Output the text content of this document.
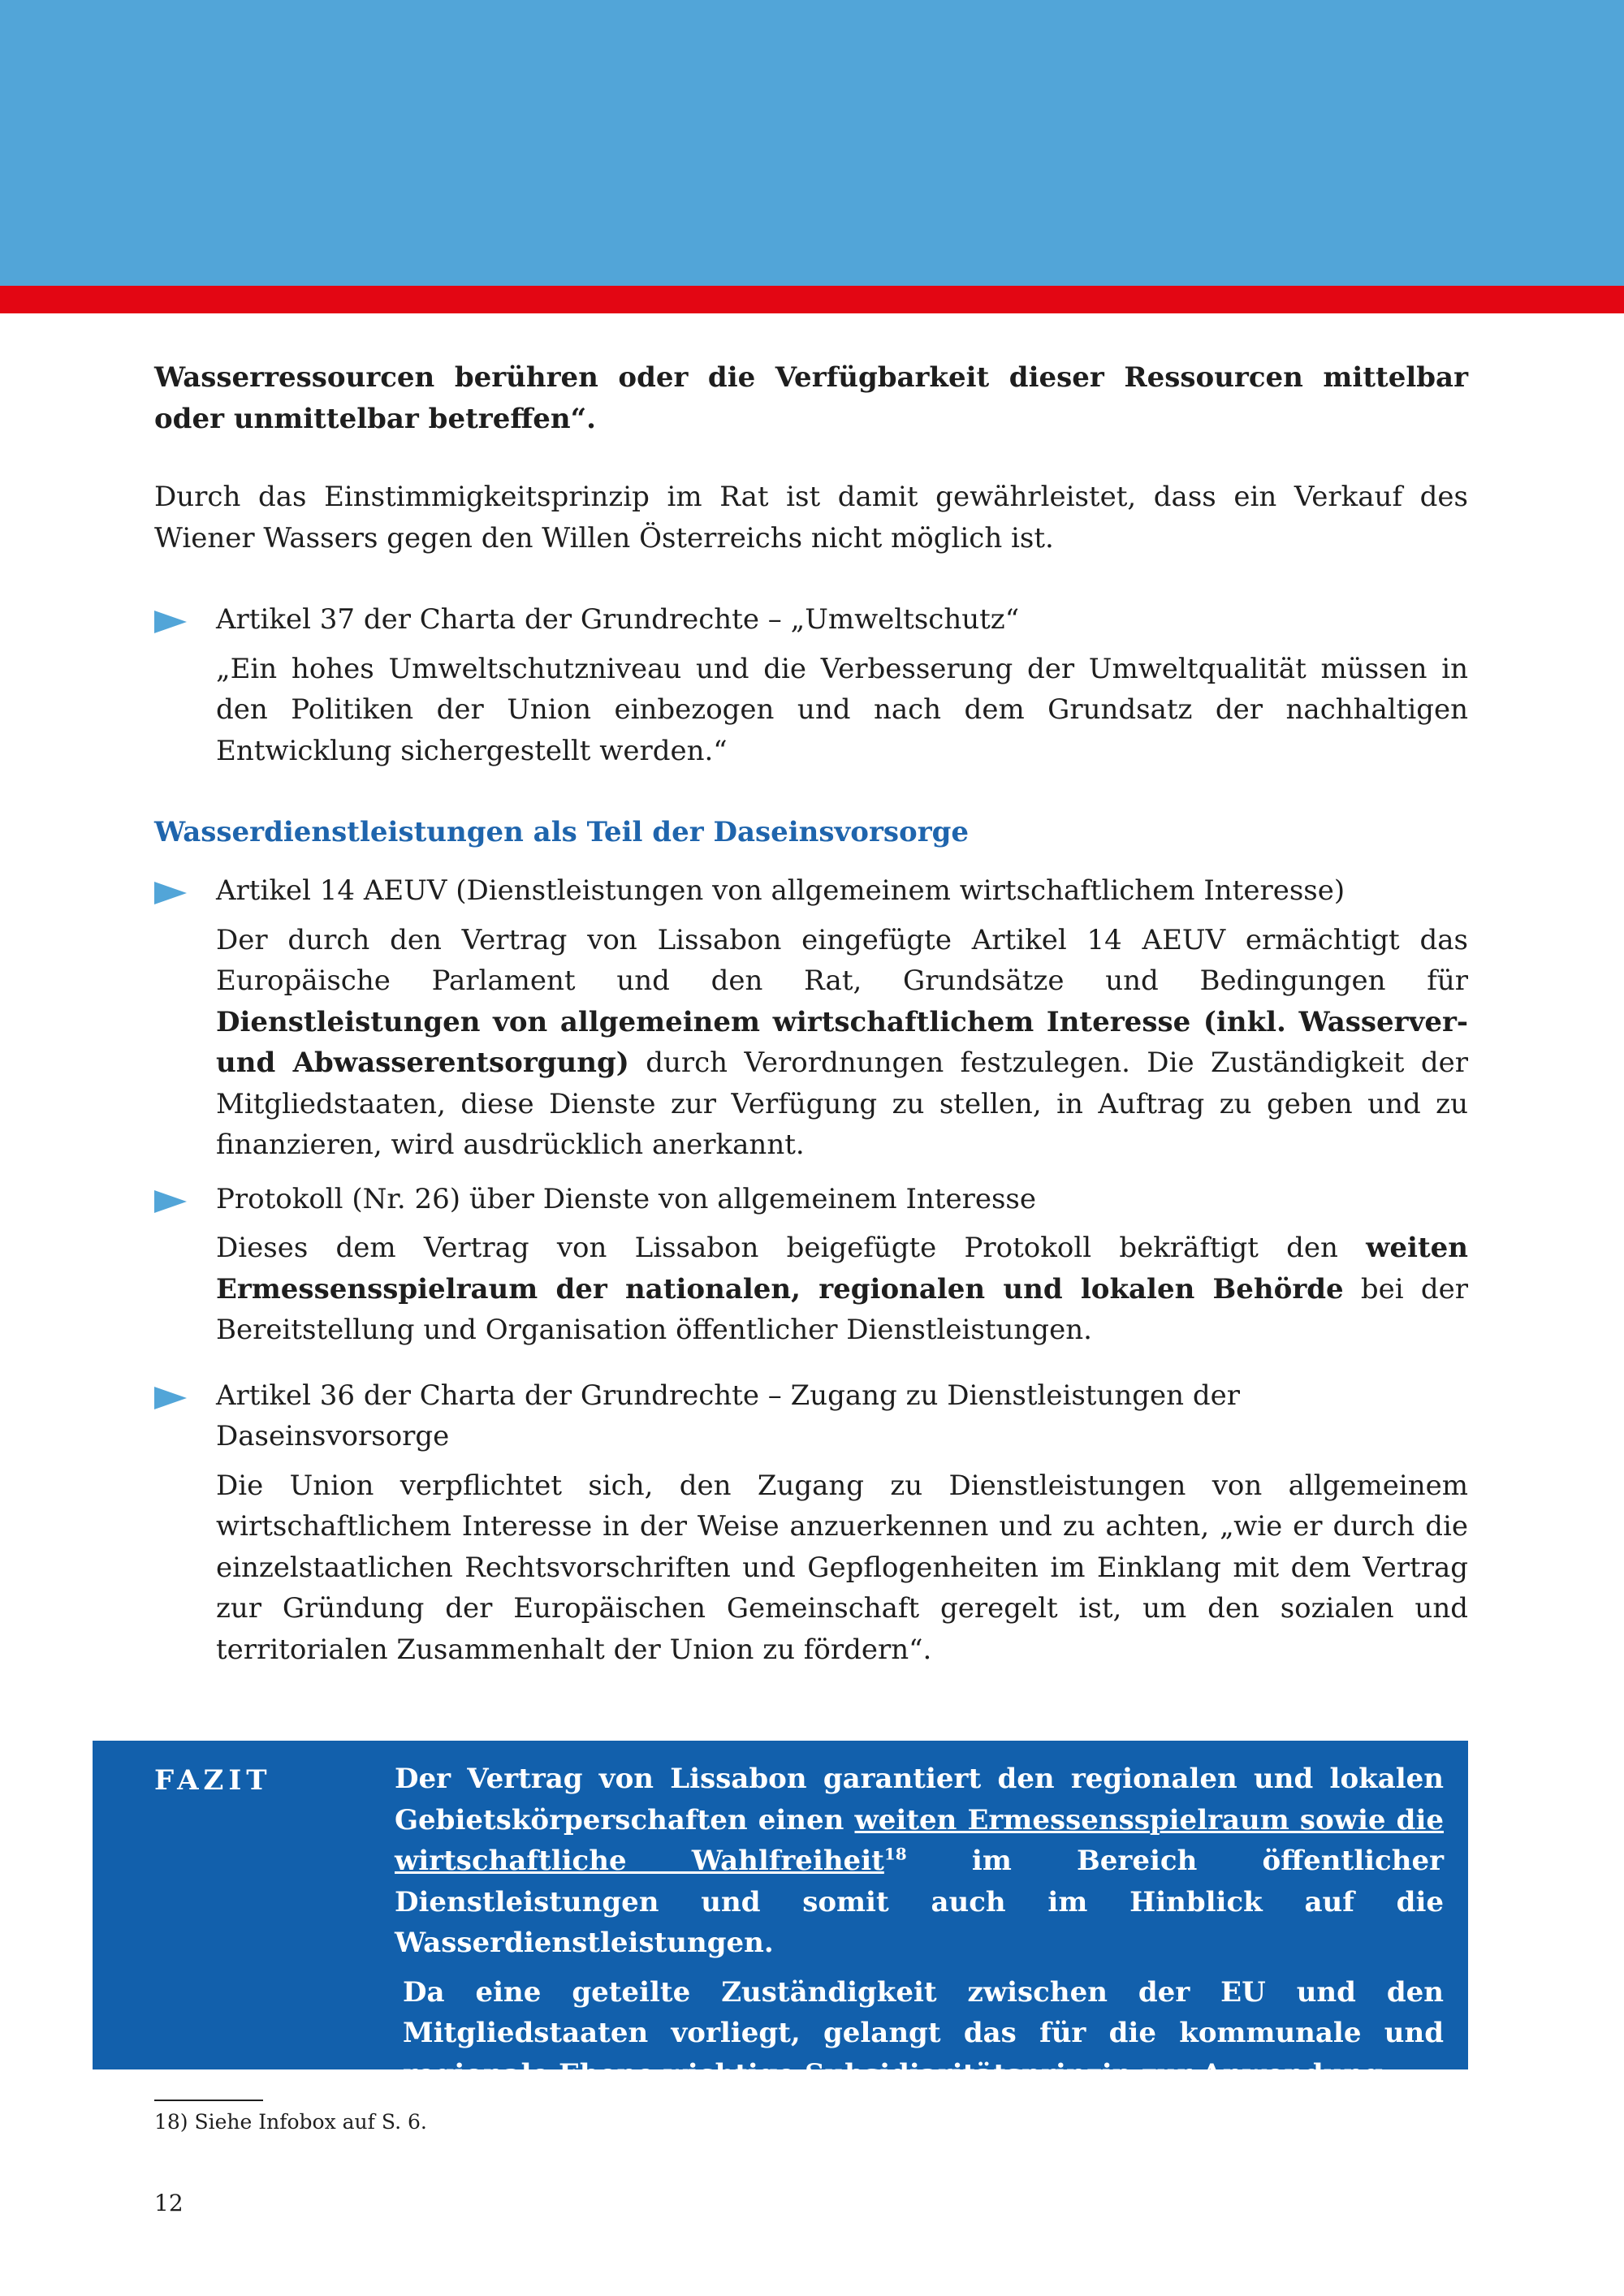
Wasserressourcen berühren oder die Verfügbarkeit dieser Ressourcen mittelbar oder unmittelbar betreffen“.

Durch das Einstimmigkeitsprinzip im Rat ist damit gewährleistet, dass ein Verkauf des Wiener Wassers gegen den Willen Österreichs nicht möglich ist.

Artikel 37 der Charta der Grundrechte – „Umweltschutz“

„Ein hohes Umweltschutzniveau und die Verbesserung der Umweltqualität müssen in den Politiken der Union einbezogen und nach dem Grundsatz der nachhaltigen Entwicklung sichergestellt werden.“

Wasserdienstleistungen als Teil der Daseinsvorsorge

Artikel 14 AEUV (Dienstleistungen von allgemeinem wirtschaftlichem Interesse)

Der durch den Vertrag von Lissabon eingefügte Artikel 14 AEUV ermächtigt das Europäische Parlament und den Rat, Grundsätze und Bedingungen für Dienstleistungen von allgemeinem wirtschaftlichem Interesse (inkl. Wasserver- und Abwasserentsorgung) durch Verordnungen festzulegen. Die Zuständigkeit der Mitgliedstaaten, diese Dienste zur Verfügung zu stellen, in Auftrag zu geben und zu finanzieren, wird ausdrücklich anerkannt.

Protokoll (Nr. 26) über Dienste von allgemeinem Interesse

Dieses dem Vertrag von Lissabon beigefügte Protokoll bekräftigt den weiten Ermessensspielraum der nationalen, regionalen und lokalen Behörde bei der Bereitstellung und Organisation öffentlicher Dienstleistungen.

Artikel 36 der Charta der Grundrechte – Zugang zu Dienstleistungen der Daseinsvorsorge

Die Union verpflichtet sich, den Zugang zu Dienstleistungen von allgemeinem wirtschaftlichem Interesse in der Weise anzuerkennen und zu achten, „wie er durch die einzelstaatlichen Rechtsvorschriften und Gepflogenheiten im Einklang mit dem Vertrag zur Gründung der Europäischen Gemeinschaft geregelt ist, um den sozialen und territorialen Zusammenhalt der Union zu fördern“.

FAZIT	Der Vertrag von Lissabon garantiert den regionalen und lokalen Gebietskörperschaften einen weiten Ermessensspielraum sowie die wirtschaftliche Wahlfreiheit$^{18}$ im Bereich öffentlicher Dienstleistungen und somit auch im Hinblick auf die Wasserdienstleistungen.

Da eine geteilte Zuständigkeit zwischen der EU und den Mitgliedstaaten vorliegt, gelangt das für die kommunale und regionale Ebene wichtige Subsidiaritätsprinzip zur Anwendung.

18) Siehe Infobox auf S. 6.
12
